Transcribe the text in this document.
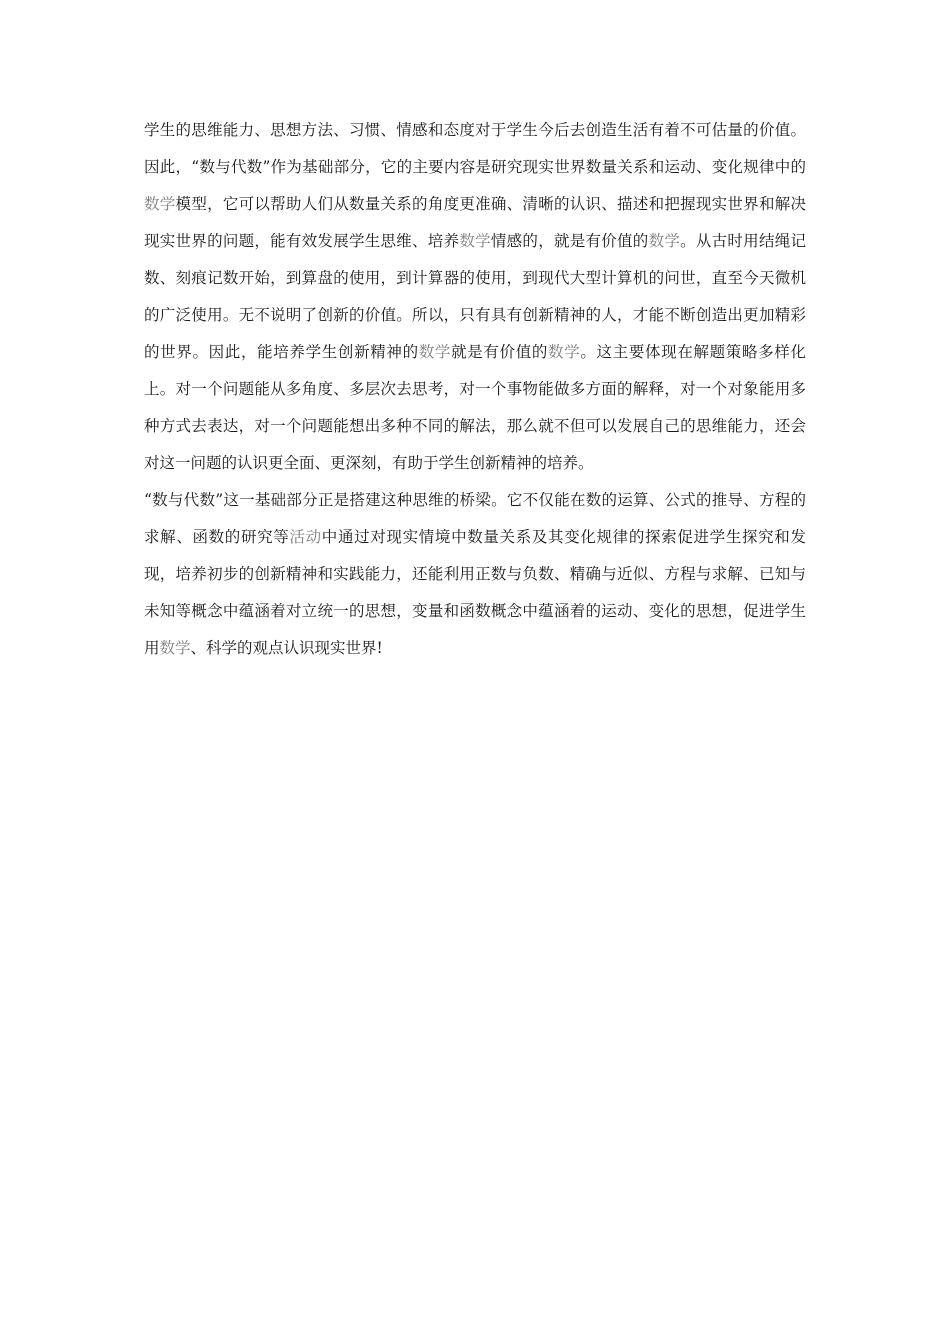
学生的思维能力、思想方法、习惯、情感和态度对于学生今后去创造生活有着不可估量的价值。因此，“数与代数”作为基础部分，它的主要内容是研究现实世界数量关系和运动、变化规律中的数学模型，它可以帮助人们从数量关系的角度更准确、清晰的认识、描述和把握现实世界和解决现实世界的问题，能有效发展学生思维、培养数学情感的，就是有价值的数学。从古时用结绳记数、刻痕记数开始，到算盘的使用，到计算器的使用，到现代大型计算机的问世，直至今天微机的广泛使用。无不说明了创新的价值。所以，只有具有创新精神的人，才能不断创造出更加精彩的世界。因此，能培养学生创新精神的数学就是有价值的数学。这主要体现在解题策略多样化上。对一个问题能从多角度、多层次去思考，对一个事物能做多方面的解释，对一个对象能用多种方式去表达，对一个问题能想出多种不同的解法，那么就不但可以发展自己的思维能力，还会对这一问题的认识更全面、更深刻，有助于学生创新精神的培养。

“数与代数”这一基础部分正是搭建这种思维的桥梁。它不仅能在数的运算、公式的推导、方程的求解、函数的研究等活动中通过对现实情境中数量关系及其变化规律的探索促进学生探究和发现，培养初步的创新精神和实践能力，还能利用正数与负数、精确与近似、方程与求解、已知与未知等概念中蕴涵着对立统一的思想，变量和函数概念中蕴涵着的运动、变化的思想，促进学生用数学、科学的观点认识现实世界!
